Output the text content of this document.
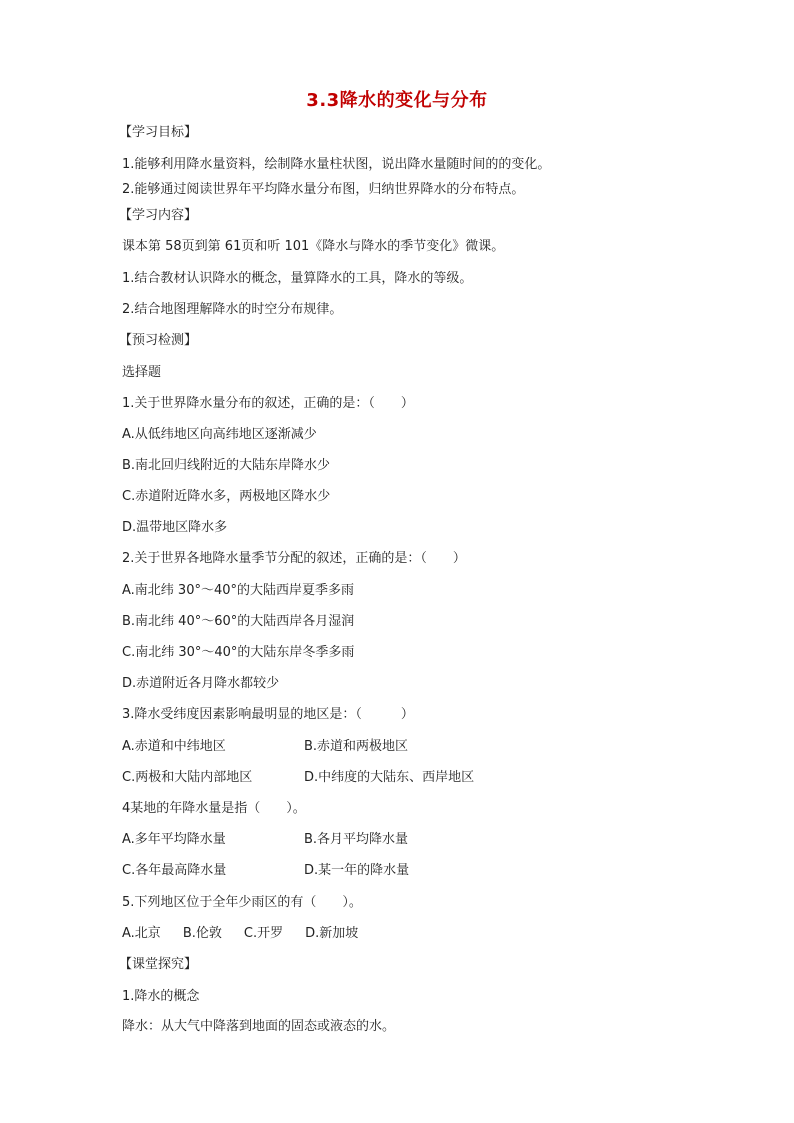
3.3降水的变化与分布
【学习目标】
1.能够利用降水量资料，绘制降水量柱状图，说出降水量随时间的的变化。
2.能够通过阅读世界年平均降水量分布图，归纳世界降水的分布特点。
【学习内容】
课本第 58页到第 61页和听 101《降水与降水的季节变化》微课。
1.结合教材认识降水的概念，量算降水的工具，降水的等级。
2.结合地图理解降水的时空分布规律。
【预习检测】
选择题
1.关于世界降水量分布的叙述，正确的是：（　　）
A.从低纬地区向高纬地区逐渐减少
B.南北回归线附近的大陆东岸降水少
C.赤道附近降水多，两极地区降水少
D.温带地区降水多
2.关于世界各地降水量季节分配的叙述，正确的是：（　　）
A.南北纬 30°～40°的大陆西岸夏季多雨
B.南北纬 40°～60°的大陆西岸各月湿润
C.南北纬 30°～40°的大陆东岸冬季多雨
D.赤道附近各月降水都较少
3.降水受纬度因素影响最明显的地区是：（　　　）
A.赤道和中纬地区	B.赤道和两极地区
C.两极和大陆内部地区	D.中纬度的大陆东、西岸地区
4某地的年降水量是指（　　）。
A.多年平均降水量	B.各月平均降水量
C.各年最高降水量	D.某一年的降水量
5.下列地区位于全年少雨区的有（　　）。
A.北京 B.伦敦 C.开罗 D.新加坡
【课堂探究】
1.降水的概念
降水：从大气中降落到地面的固态或液态的水。
